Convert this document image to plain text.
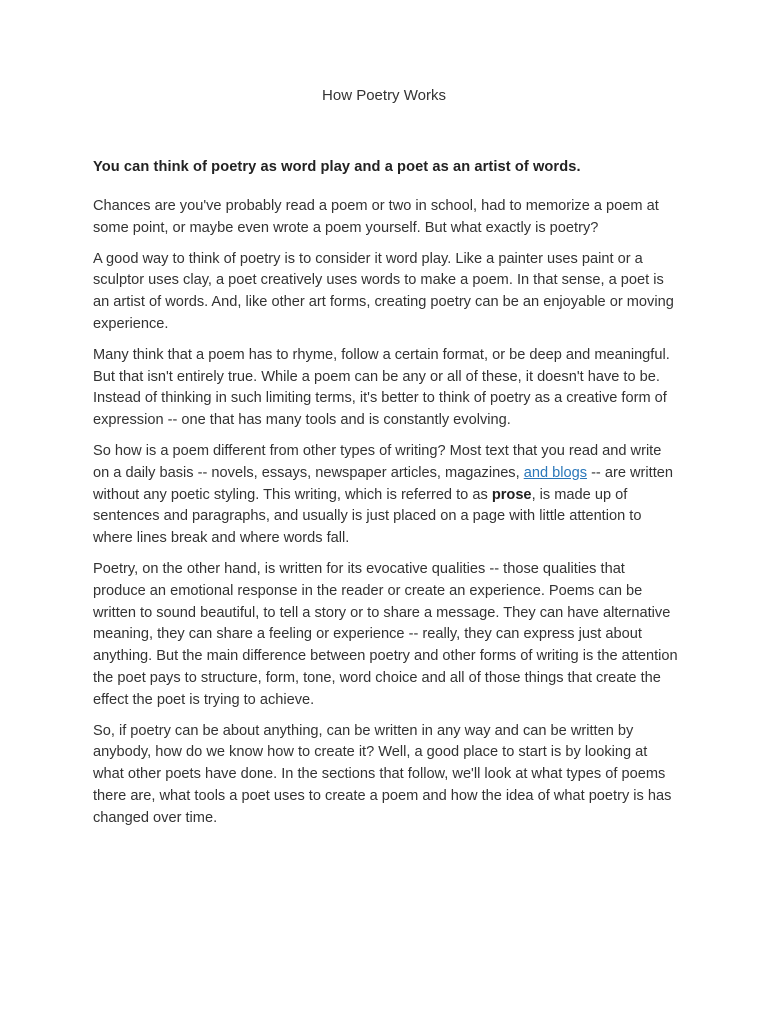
How Poetry Works

You can think of poetry as word play and a poet as an artist of words.

Chances are you've probably read a poem or two in school, had to memorize a poem at some point, or maybe even wrote a poem yourself. But what exactly is poetry?

A good way to think of poetry is to consider it word play. Like a painter uses paint or a sculptor uses clay, a poet creatively uses words to make a poem. In that sense, a poet is an artist of words. And, like other art forms, creating poetry can be an enjoyable or moving experience.

Many think that a poem has to rhyme, follow a certain format, or be deep and meaningful. But that isn't entirely true. While a poem can be any or all of these, it doesn't have to be. Instead of thinking in such limiting terms, it's better to think of poetry as a creative form of expression -- one that has many tools and is constantly evolving.

So how is a poem different from other types of writing? Most text that you read and write on a daily basis -- novels, essays, newspaper articles, magazines, and blogs -- are written without any poetic styling. This writing, which is referred to as prose, is made up of sentences and paragraphs, and usually is just placed on a page with little attention to where lines break and where words fall.

Poetry, on the other hand, is written for its evocative qualities -- those qualities that produce an emotional response in the reader or create an experience. Poems can be written to sound beautiful, to tell a story or to share a message. They can have alternative meaning, they can share a feeling or experience -- really, they can express just about anything. But the main difference between poetry and other forms of writing is the attention the poet pays to structure, form, tone, word choice and all of those things that create the effect the poet is trying to achieve.

So, if poetry can be about anything, can be written in any way and can be written by anybody, how do we know how to create it? Well, a good place to start is by looking at what other poets have done. In the sections that follow, we'll look at what types of poems there are, what tools a poet uses to create a poem and how the idea of what poetry is has changed over time.
